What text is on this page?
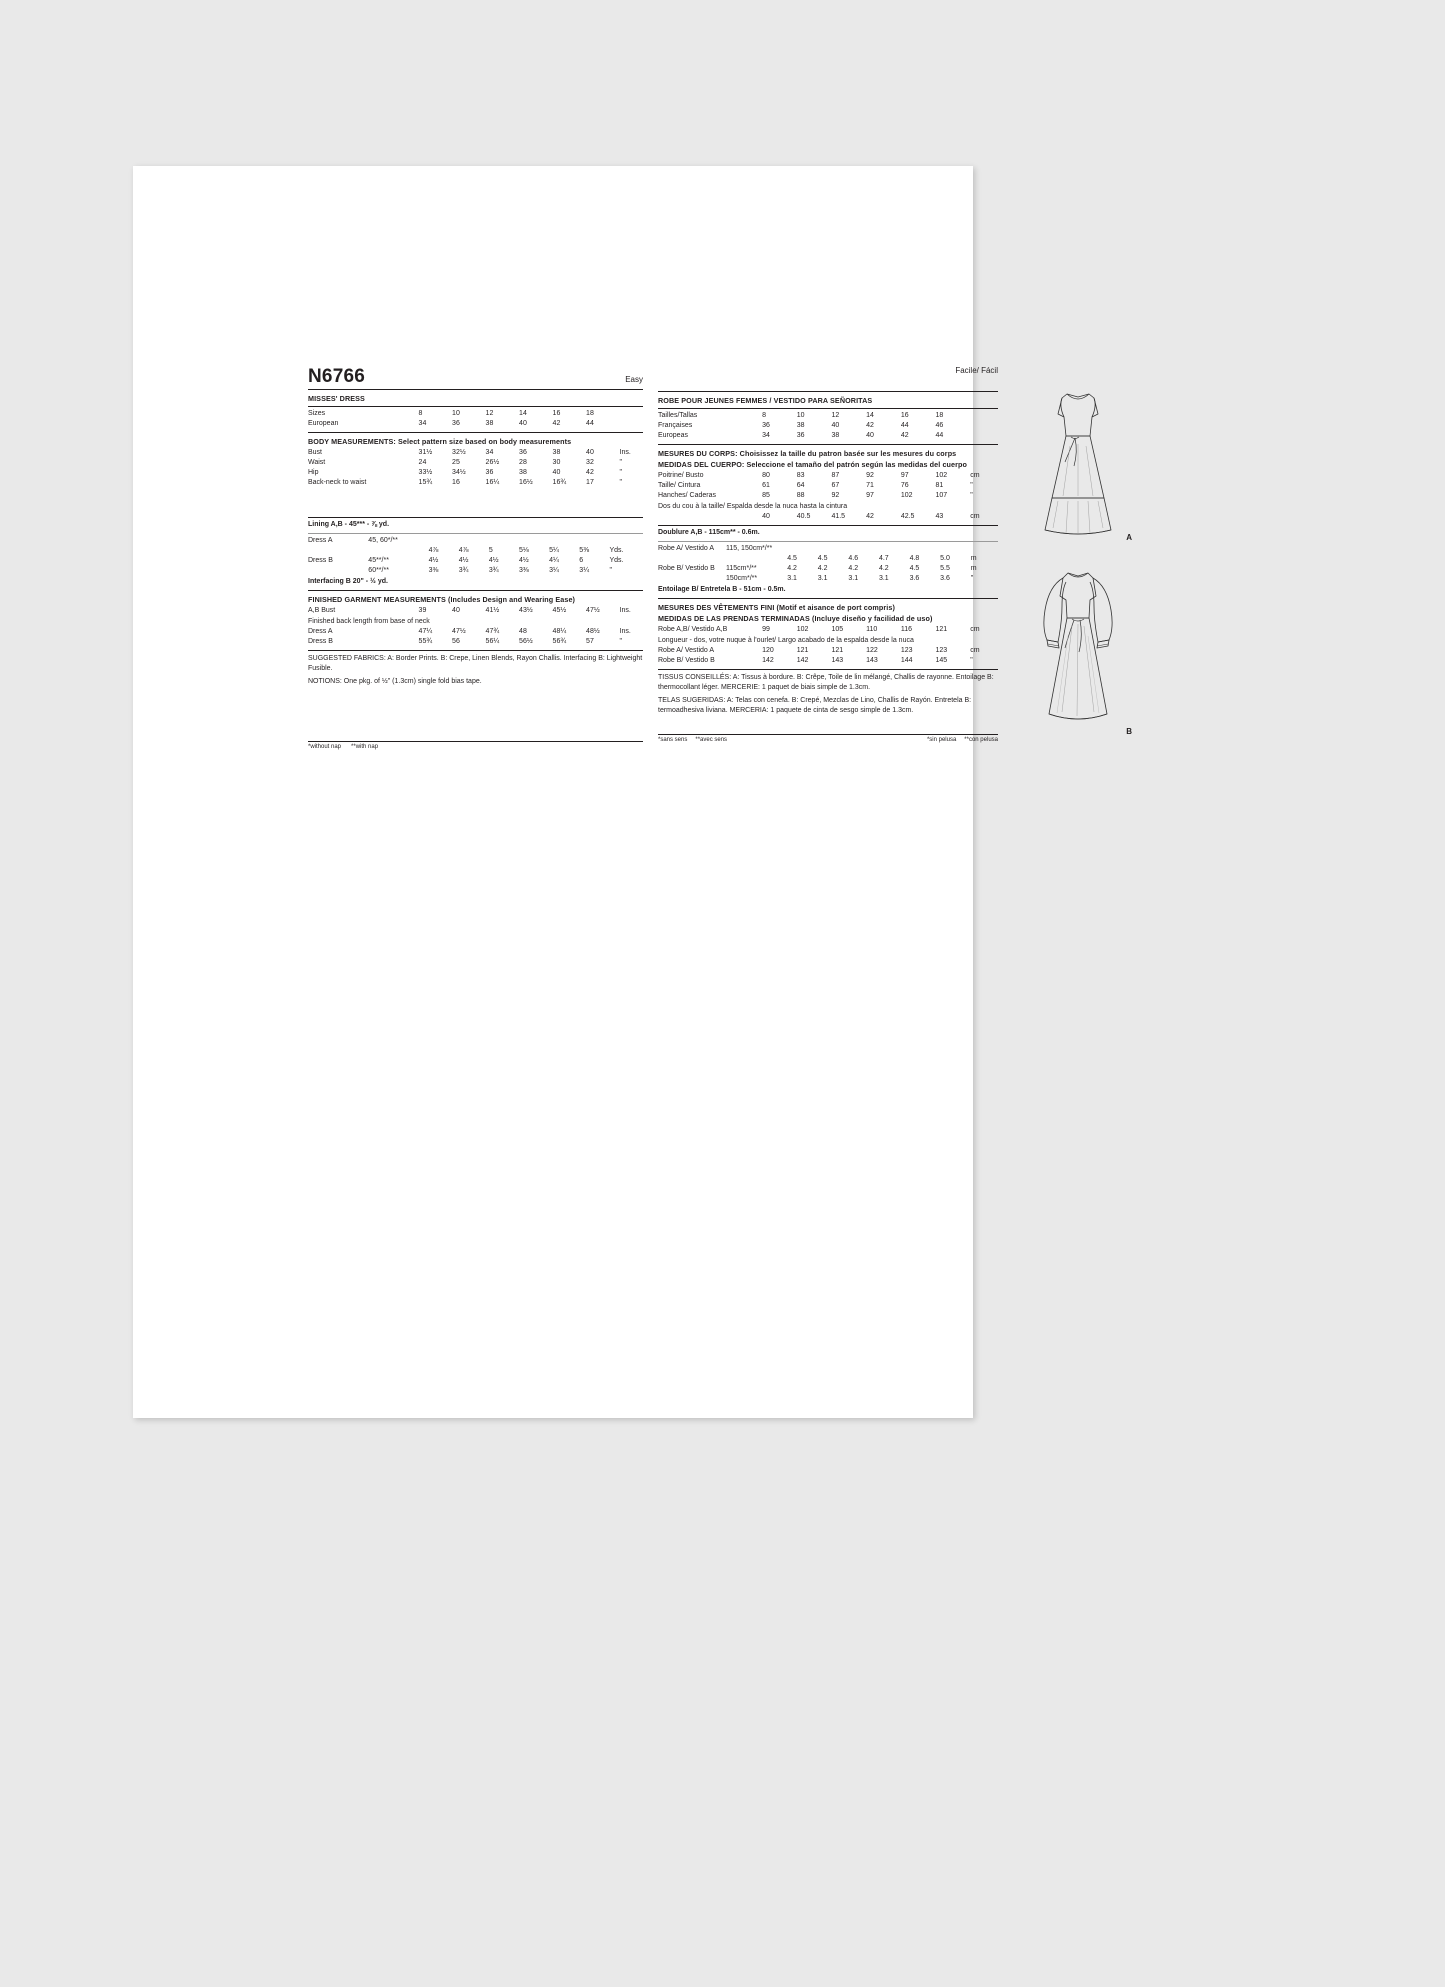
N6766	Easy
MISSES' DRESS
Sizes	8	10	12	14	16	18	
European	34	36	38	40	42	44	
BODY MEASUREMENTS: Select pattern size based on body measurements
Bust	31½	32½	34	36	38	40	Ins.
Waist	24	25	26½	28	30	32	"
Hip	33½	34½	36	38	40	42	"
Back-neck to waist	15¾	16	16¼	16½	16¾	17	"
Lining A,B - 45*** - ⅞ yd.
Dress A	45, 60*/**							
		4⅞	4⅞	5	5⅛	5¼	5⅜	Yds.
Dress B	45**/**	4½	4½	4½	4½	4¼	6	Yds.
	60**/**	3⅜	3¾	3¾	3⅜	3¼	3¼	"
Interfacing B 20" - ½ yd.
FINISHED GARMENT MEASUREMENTS (Includes Design and Wearing Ease)
A,B Bust	39	40	41½	43½	45½	47½	Ins.
Finished back length from base of neck
Dress A	47¼	47½	47¾	48	48¼	48½	Ins.
Dress B	55¾	56	56¼	56½	56¾	57	"
SUGGESTED FABRICS: A: Border Prints. B: Crepe, Linen Blends, Rayon Challis. Interfacing B: Lightweight Fusible.
NOTIONS: One pkg. of ½" (1.3cm) single fold bias tape.
*without nap **with nap
Facile/ Fácil
ROBE POUR JEUNES FEMMES / VESTIDO PARA SEÑORITAS
Tailles/Tallas	8	10	12	14	16	18	
Françaises	36	38	40	42	44	46	
Europeas	34	36	38	40	42	44	
MESURES DU CORPS: Choisissez la taille du patron basée sur les mesures du corps
MEDIDAS DEL CUERPO: Seleccione el tamaño del patrón según las medidas del cuerpo
Poitrine/ Busto	80	83	87	92	97	102	cm
Taille/ Cintura	61	64	67	71	76	81	"
Hanches/ Caderas	85	88	92	97	102	107	"
Dos du cou à la taille/ Espalda desde la nuca hasta la cintura
	40	40.5	41.5	42	42.5	43	cm
Doublure A,B - 115cm** - 0.6m.
Robe A/ Vestido A	115, 150cm*/**							
		4.5	4.5	4.6	4.7	4.8	5.0	m
Robe B/ Vestido B	115cm*/**	4.2	4.2	4.2	4.2	4.5	5.5	m
	150cm*/**	3.1	3.1	3.1	3.1	3.6	3.6	"
Entoilage B/ Entretela B - 51cm - 0.5m.
MESURES DES VÊTEMENTS FINI (Motif et aisance de port compris)
MEDIDAS DE LAS PRENDAS TERMINADAS (Incluye diseño y facilidad de uso)
Robe A,B/ Vestido A,B	99	102	105	110	116	121	cm
Longueur - dos, votre nuque à l'ourlet/ Largo acabado de la espalda desde la nuca
Robe A/ Vestido A	120	121	121	122	123	123	cm
Robe B/ Vestido B	142	142	143	143	144	145	"
TISSUS CONSEILLÉS: A: Tissus à bordure. B: Crêpe, Toile de lin mélangé, Challis de rayonne. Entoilage B: thermocollant léger. MERCERIE: 1 paquet de biais simple de 1.3cm.
TELAS SUGERIDAS: A: Telas con cenefa. B: Crepé, Mezclas de Lino, Challis de Rayón. Entretela B: termoadhesiva liviana. MERCERIA: 1 paquete de cinta de sesgo simple de 1.3cm.
*sans sens **avec sens	*sin pelusa **con pelusa
A
B
